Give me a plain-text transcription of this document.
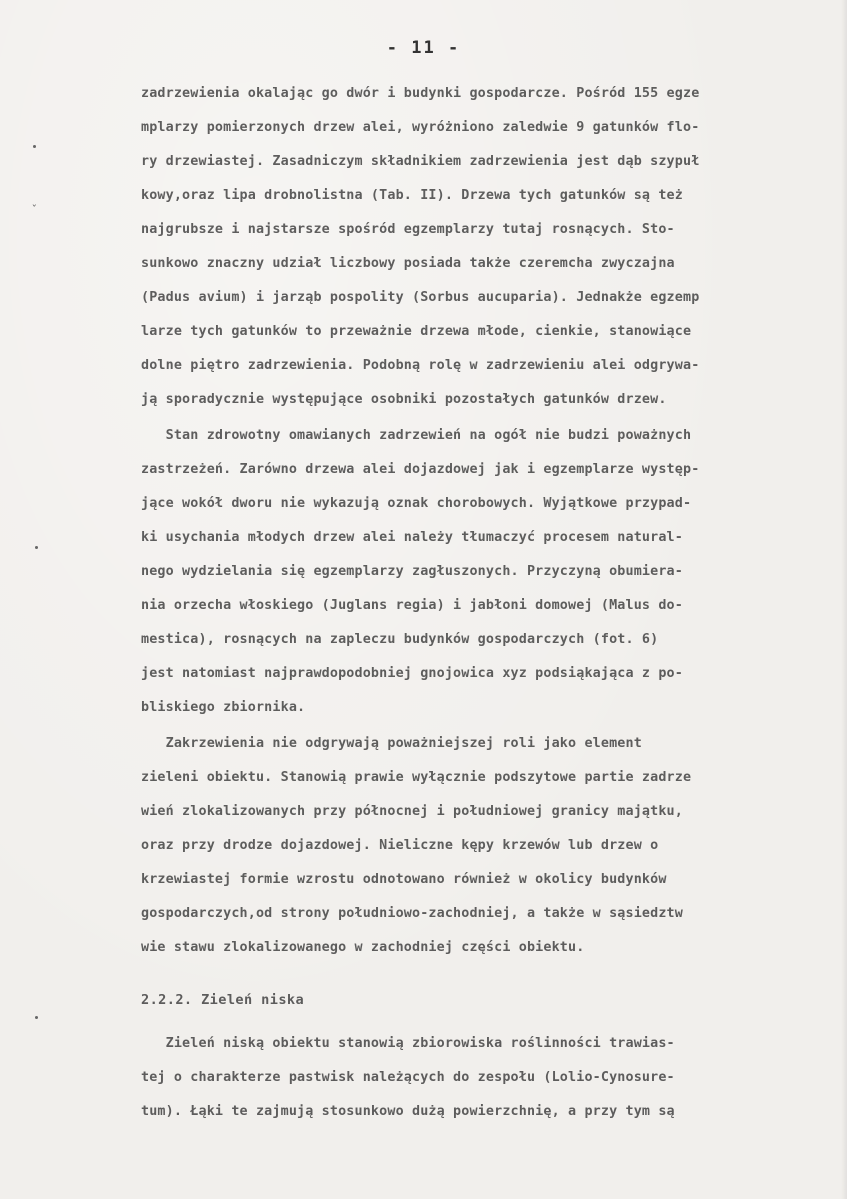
- 11 -
ˇ
zadrzewienia okalając go dwór i budynki gospodarcze. Pośród 155 egze
mplarzy pomierzonych drzew alei, wyróżniono zaledwie 9 gatunków flo-
ry drzewiastej. Zasadniczym składnikiem zadrzewienia jest dąb szypuł
kowy,oraz lipa drobnolistna (Tab. II). Drzewa tych gatunków są też
najgrubsze i najstarsze spośród egzemplarzy tutaj rosnących. Sto-
sunkowo znaczny udział liczbowy posiada także czeremcha zwyczajna
(Padus avium) i jarząb pospolity (Sorbus aucuparia). Jednakże egzemp
larze tych gatunków to przeważnie drzewa młode, cienkie, stanowiące
dolne piętro zadrzewienia. Podobną rolę w zadrzewieniu alei odgrywa-
ją sporadycznie występujące osobniki pozostałych gatunków drzew.
Stan zdrowotny omawianych zadrzewień na ogół nie budzi poważnych
zastrzeżeń. Zarówno drzewa alei dojazdowej jak i egzemplarze występ-
jące wokół dworu nie wykazują oznak chorobowych. Wyjątkowe przypad-
ki usychania młodych drzew alei należy tłumaczyć procesem natural-
nego wydzielania się egzemplarzy zagłuszonych. Przyczyną obumiera-
nia orzecha włoskiego (Juglans regia) i jabłoni domowej (Malus do-
mestica), rosnących na zapleczu budynków gospodarczych (fot. 6)
jest natomiast najprawdopodobniej gnojowica xyz podsiąkająca z po-
bliskiego zbiornika.
Zakrzewienia nie odgrywają poważniejszej roli jako element
zieleni obiektu. Stanowią prawie wyłącznie podszytowe partie zadrze
wień zlokalizowanych przy północnej i południowej granicy majątku,
oraz przy drodze dojazdowej. Nieliczne kępy krzewów lub drzew o
krzewiastej formie wzrostu odnotowano również w okolicy budynków
gospodarczych,od strony południowo-zachodniej, a także w sąsiedztw
wie stawu zlokalizowanego w zachodniej części obiektu.
2.2.2. Zieleń niska
Zieleń niską obiektu stanowią zbiorowiska roślinności trawias-
tej o charakterze pastwisk należących do zespołu (Lolio-Cynosure-
tum). Łąki te zajmują stosunkowo dużą powierzchnię, a przy tym są
